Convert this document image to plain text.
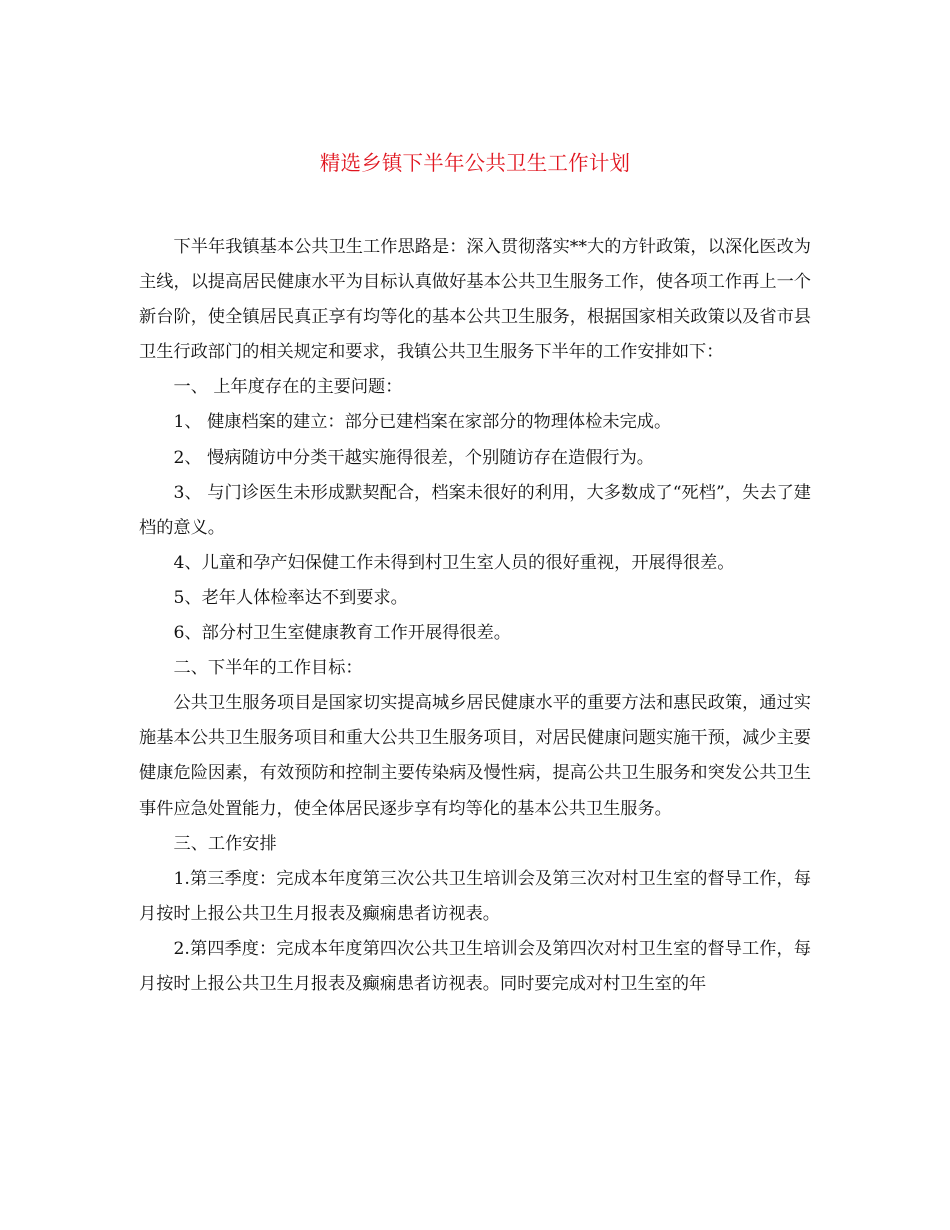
精选乡镇下半年公共卫生工作计划

下半年我镇基本公共卫生工作思路是：深入贯彻落实**大的方针政策，以深化医改为主线，以提高居民健康水平为目标认真做好基本公共卫生服务工作，使各项工作再上一个新台阶，使全镇居民真正享有均等化的基本公共卫生服务，根据国家相关政策以及省市县卫生行政部门的相关规定和要求，我镇公共卫生服务下半年的工作安排如下：

一、 上年度存在的主要问题：

1、 健康档案的建立：部分已建档案在家部分的物理体检未完成。

2、 慢病随访中分类干越实施得很差，个别随访存在造假行为。

3、 与门诊医生未形成默契配合，档案未很好的利用，大多数成了“死档”，失去了建档的意义。

4、儿童和孕产妇保健工作未得到村卫生室人员的很好重视，开展得很差。

5、老年人体检率达不到要求。

6、部分村卫生室健康教育工作开展得很差。

二、下半年的工作目标：

公共卫生服务项目是国家切实提高城乡居民健康水平的重要方法和惠民政策，通过实施基本公共卫生服务项目和重大公共卫生服务项目，对居民健康问题实施干预，减少主要健康危险因素，有效预防和控制主要传染病及慢性病，提高公共卫生服务和突发公共卫生事件应急处置能力，使全体居民逐步享有均等化的基本公共卫生服务。

三、工作安排

1.第三季度：完成本年度第三次公共卫生培训会及第三次对村卫生室的督导工作，每月按时上报公共卫生月报表及癫痫患者访视表。

2.第四季度：完成本年度第四次公共卫生培训会及第四次对村卫生室的督导工作，每月按时上报公共卫生月报表及癫痫患者访视表。同时要完成对村卫生室的年
